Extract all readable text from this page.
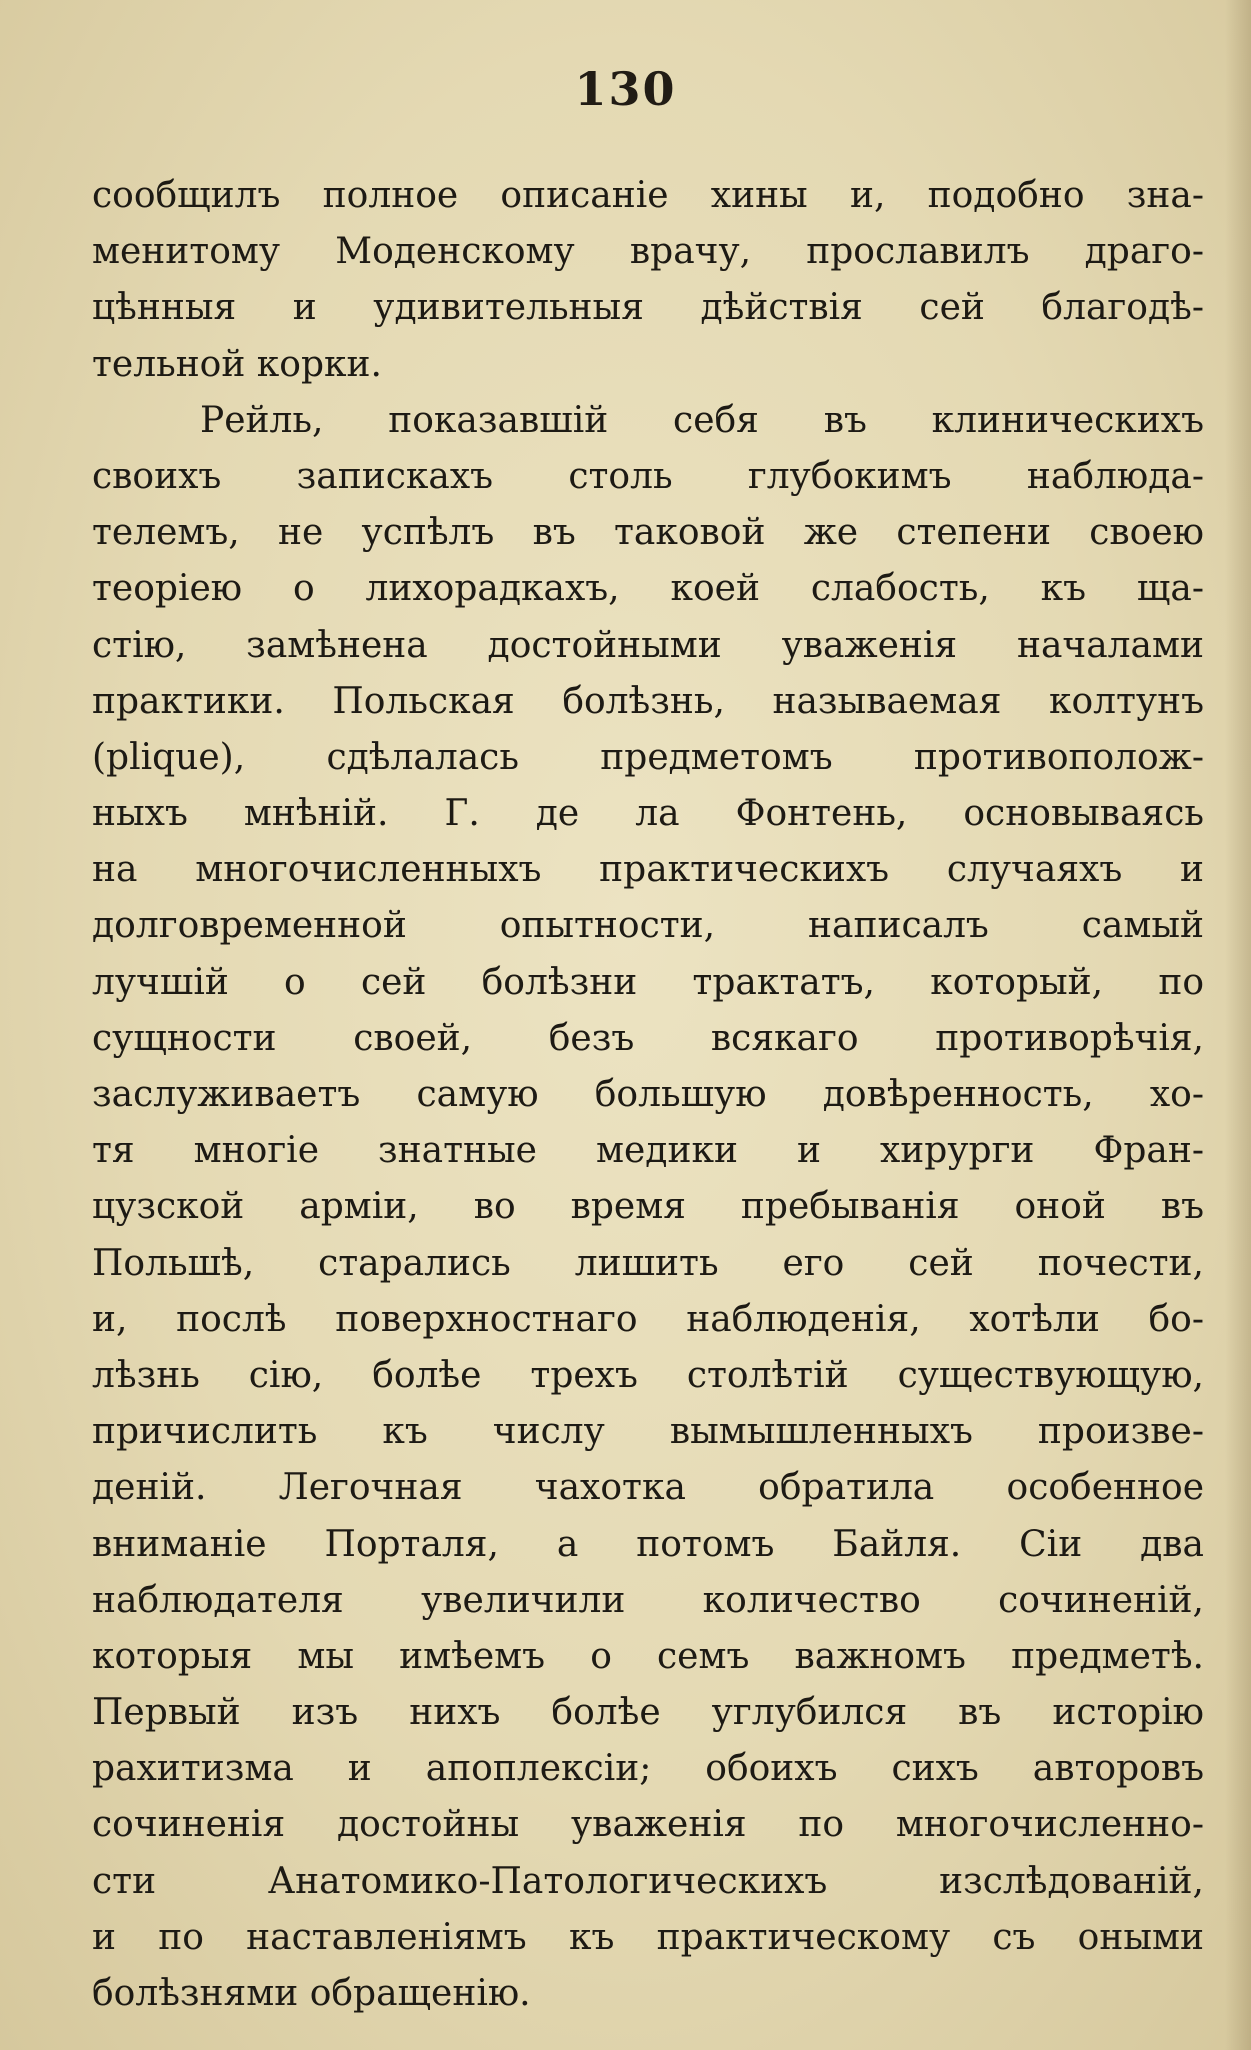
130
сообщилъ полное описаніе хины и, подобно зна-
менитому Моденскому врачу, прославилъ драго-
цѣнныя и удивительныя дѣйствія сей благодѣ-
тельной корки.
Рейль, показавшій себя въ клиническихъ
своихъ запискахъ столь глубокимъ наблюда-
телемъ, не успѣлъ въ таковой же степени своею
теоріею о лихорадкахъ, коей слабость, къ ща-
стію, замѣнена достойными уваженія началами
практики. Польская болѣзнь, называемая колтунъ
(plique), сдѣлалась предметомъ противополож-
ныхъ мнѣній. Г. де ла Фонтень, основываясь
на многочисленныхъ практическихъ случаяхъ и
долговременной опытности, написалъ самый
лучшій о сей болѣзни трактатъ, который, по
сущности своей, безъ всякаго противорѣчія,
заслуживаетъ самую большую довѣренность, хо-
тя многіе знатные медики и хирурги Фран-
цузской арміи, во время пребыванія оной въ
Польшѣ, старались лишить его сей почести,
и, послѣ поверхностнаго наблюденія, хотѣли бо-
лѣзнь сію, болѣе трехъ столѣтій существующую,
причислить къ числу вымышленныхъ произве-
деній. Легочная чахотка обратила особенное
вниманіе Порталя, а потомъ Байля. Сіи два
наблюдателя увеличили количество сочиненій,
которыя мы имѣемъ о семъ важномъ предметѣ.
Первый изъ нихъ болѣе углубился въ исторію
рахитизма и апоплексіи; обоихъ сихъ авторовъ
сочиненія достойны уваженія по многочисленно-
сти Анатомико-Патологическихъ изслѣдованій,
и по наставленіямъ къ практическому съ оными
болѣзнями обращенію.
